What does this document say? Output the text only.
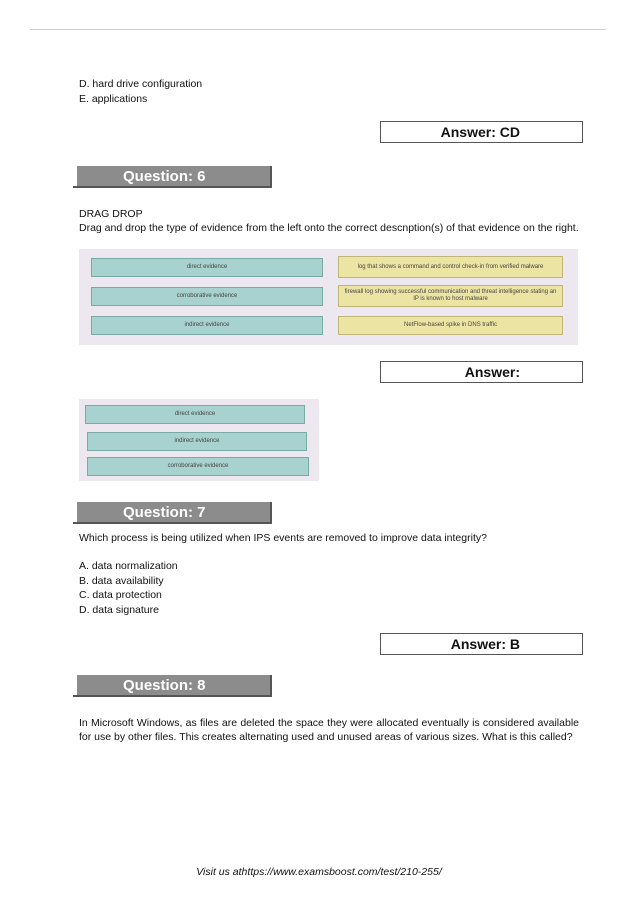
D. hard drive configuration
E. applications
Answer: CD
Question: 6
DRAG DROP
Drag and drop the type of evidence from the left onto the correct descnption(s) of that evidence on the right.
direct evidence
corroborative evidence
indirect evidence
log that shows a command and control check-in from verified malware
firewall log showing successful communication and threat intelligence stating an IP is known to host malware
NetFlow-based spike in DNS traffic
Answer:
direct evidence
indirect evidence
corroborative evidence
Question: 7
Which process is being utilized when IPS events are removed to improve data integrity?
A. data normalization
B. data availability
C. data protection
D. data signature
Answer: B
Question: 8
In Microsoft Windows, as files are deleted the space they were allocated eventually is considered available for use by other files. This creates alternating used and unused areas of various sizes. What is this called?
Visit us athttps://www.examsboost.com/test/210-255/
